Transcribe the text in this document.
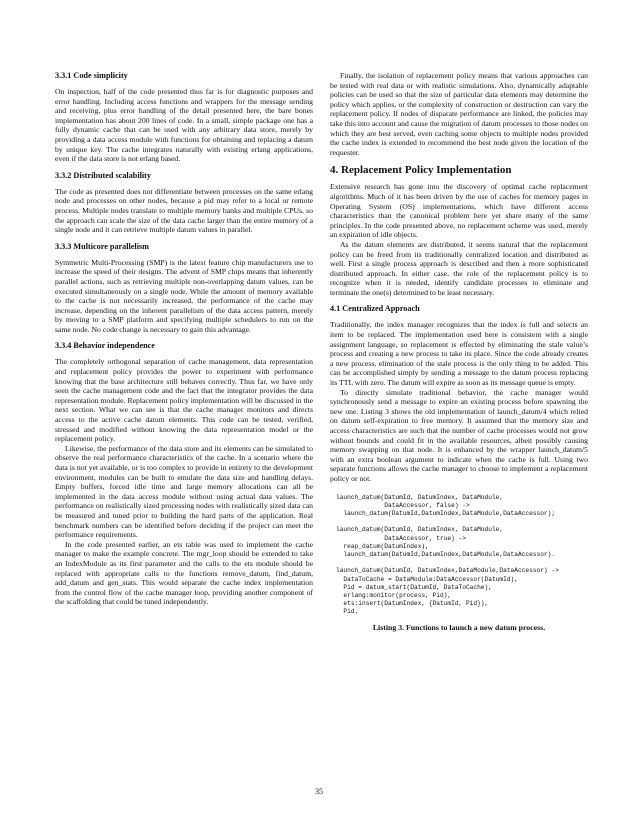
3.3.1 Code simplicity

On inspection, half of the code presented thus far is for diagnostic purposes and error handling. Including access functions and wrappers for the message sending and receiving, plus error handling of the detail presented here, the bare bones implementation has about 200 lines of code. In a small, simple package one has a fully dynamic cache that can be used with any arbitrary data store, merely by providing a data access module with functions for obtaining and replacing a datum by unique key. The cache integrates naturally with existing erlang applications, even if the data store is not erlang based.

3.3.2 Distributed scalability

The code as presented does not differentiate between processes on the same erlang node and processes on other nodes, because a pid may refer to a local or remote process. Multiple nodes translate to multiple memory banks and multiple CPUs, so the approach can scale the size of the data cache larger than the entire memory of a single node and it can retrieve multiple datum values in parallel.

3.3.3 Multicore parallelism

Symmetric Multi-Processing (SMP) is the latest feature chip manufacturers use to increase the speed of their designs. The advent of SMP chips means that inherently parallel actions, such as retrieving multiple non-overlapping datum values, can be executed simultaneously on a single node. While the amount of memory available to the cache is not necessarily increased, the performance of the cache may increase, depending on the inherent parallelism of the data access pattern, merely by moving to a SMP platform and specifying multiple schedulers to run on the same node. No code change is necessary to gain this advantage.

3.3.4 Behavior independence

The completely orthogonal separation of cache management, data representation and replacement policy provides the power to experiment with performance knowing that the base architecture still behaves correctly. Thus far, we have only seen the cache management code and the fact that the integrator provides the data representation module. Replacement policy implementation will be discussed in the next section. What we can see is that the cache manager monitors and directs access to the active cache datum elements. This code can be tested, verified, stressed and modified without knowing the data representation model or the replacement policy.

Likewise, the performance of the data store and its elements can be simulated to observe the real performance characteristics of the cache. In a scenario where the data is not yet available, or is too complex to provide in entirety to the development environment, modules can be built to emulate the data size and handling delays. Empty buffers, forced idle time and large memory allocations can all be implemented in the data access module without using actual data values. The performance on realistically sized processing nodes with realistically sized data can be measured and tuned prior to building the hard parts of the application. Real benchmark numbers can be identified before deciding if the project can meet the performance requirements.

In the code presented earlier, an ets table was used to implement the cache manager to make the example concrete. The mgr_loop should be extended to take an IndexModule as its first parameter and the calls to the ets module should be replaced with appropriate calls to the functions remove_datum, find_datum, add_datum and gen_stats. This would separate the cache index implementation from the control flow of the cache manager loop, providing another component of the scaffolding that could be tuned independently.

Finally, the isolation of replacement policy means that various approaches can be tested with real data or with realistic simulations. Also, dynamically adaptable policies can be used so that the size of particular data elements may determine the policy which applies, or the complexity of construction or destruction can vary the replacement policy. If nodes of disparate performance are linked, the policies may take this into account and cause the migration of datum processes to those nodes on which they are best served, even caching some objects to multiple nodes provided the cache index is extended to recommend the best node given the location of the requester.

4. Replacement Policy Implementation

Extensive research has gone into the discovery of optimal cache replacement algorithms. Much of it has been driven by the use of caches for memory pages in Operating System (OS) implementations, which have different access characteristics than the canonical problem here yet share many of the same principles. In the code presented above, no replacement scheme was used, merely an expiration of idle objects.

As the datum elements are distributed, it seems natural that the replacement policy can be freed from its traditionally centralized location and distributed as well. First a single process approach is described and then a more sophisticated distributed approach. In either case, the role of the replacement policy is to recognize when it is needed, identify candidate processes to eliminate and terminate the one(s) determined to be least necessary.

4.1 Centralized Approach

Traditionally, the index manager recognizes that the index is full and selects an item to be replaced. The implementation used here is consistent with a single assignment language, so replacement is effected by eliminating the stale value’s process and creating a new process to take its place. Since the code already creates a new process, elimination of the stale process is the only thing to be added. This can be accomplished simply by sending a message to the datum process replacing its TTL with zero. The datum will expire as soon as its message queue is empty.

To directly simulate traditional behavior, the cache manager would synchronously send a message to expire an existing process before spawning the new one. Listing 3 shows the old implementation of launch_datum/4 which relied on datum self-expiration to free memory. It assumed that the memory size and access characteristics are such that the number of cache processes would not grow without bounds and could fit in the available resources, albeit possibly causing memory swapping on that node. It is enhanced by the wrapper launch_datum/5 with an extra boolean argument to indicate when the cache is full. Using two separate functions allows the cache manager to choose to implement a replacement policy or not.

launch_datum(DatumId, DatumIndex, DataModule,
DataAccessor, false) ->
launch_datum(DatumId,DatumIndex,DataModule,DataAccessor);

launch_datum(DatumId, DatumIndex, DataModule,
DataAccessor, true) ->
reap_datum(DatumIndex),
launch_datum(DatumId,DatumIndex,DataModule,DataAccessor).

launch_datum(DatumId, DatumIndex,DataModule,DataAccessor) ->
DataToCache = DataModule:DataAccessor(DatumId),
Pid = datum_start(DatumId, DataToCache),
erlang:monitor(process, Pid),
ets:insert(DatumIndex, {DatumId, Pid}),
Pid.
Listing 3. Functions to launch a new datum process.
35
